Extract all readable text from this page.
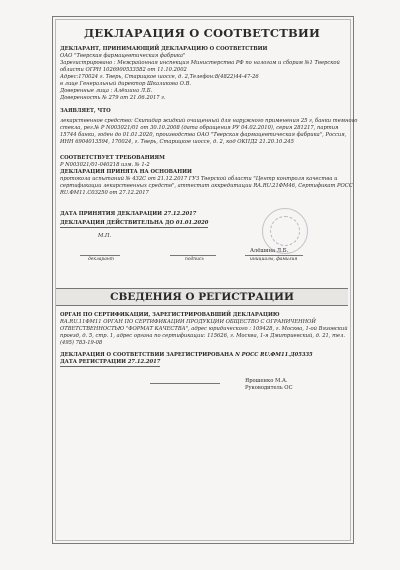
ДЕКЛАРАЦИЯ О СООТВЕТСТВИИ
ДЕКЛАРАНТ, ПРИНИМАЮЩИЙ ДЕКЛАРАЦИЮ О СООТВЕТСТВИИ
ОАО "Тверская фармацевтическая фабрика"
Зарегистрировано : Межрайонная инспекция Министерства РФ по налогам и сборам №1 Тверской
области ОГРН 1026900533582 от 11.10.2002
Адрес:170024 г. Тверь, Старицкое шоссе, д. 2,Телефон:8(4822)44-47-26
в лице Генеральный директор Шкаликова О.В.
Доверенные лица : Алёшина Л.Б.
Доверенность № 279 от 21.06.2017 г.
ЗАЯВЛЯЕТ, ЧТО
лекарственное средство: Скипидар жидкий очищенный для наружного применения 25 г, банки темного
стекла, рег.№ Р N003021/01 от 30.10.2008 (дата обращения РУ 04.02.2010), серия 281217, партия
15744 банки, годен до 01.01.2020, производства ОАО "Тверская фармацевтическая фабрика", Россия,
ИНН 6904013594, 170024, г. Тверь, Старицкое шоссе, д. 2, код ОКПД2 21.20.10.245
СООТВЕТСТВУЕТ ТРЕБОВАНИЯМ
Р N003021/01-040218 изм. № 1-2
ДЕКЛАРАЦИЯ ПРИНЯТА НА ОСНОВАНИИ
протокола испытаний № 432С от 21.12.2017 ГУЗ Тверской области "Центр контроля качества и
сертификации лекарственных средств", аттестат аккредитации RA.RU.21ФМ46, Сертификат РОСС
RU.ФМ11.С03250 от 27.12.2017
ДАТА ПРИНЯТИЯ ДЕКЛАРАЦИИ 27.12.2017
ДЕКЛАРАЦИЯ ДЕЙСТВИТЕЛЬНА ДО 01.01.2020
М.П.
декларант	подпись
Алёшина Л.Б.
инициалы, фамилия
СВЕДЕНИЯ О РЕГИСТРАЦИИ
ОРГАН ПО СЕРТИФИКАЦИИ, ЗАРЕГИСТРИРОВАВШИЙ ДЕКЛАРАЦИЮ
RA.RU.11ФМ11 ОРГАН ПО СЕРТИФИКАЦИИ ПРОДУКЦИИ ОБЩЕСТВО С ОГРАНИЧЕННОЙ
ОТВЕТСТВЕННОСТЬЮ "ФОРМАТ КАЧЕСТВА", адрес юридического : 109428, г. Москва, 1-ой Вязовский
проезд, д. 5, стр. 1, адрес органа по сертификации: 115626, г. Москва, 1-я Дмитриевский, д. 21, тел.
(495) 783-19-08
ДЕКЛАРАЦИЯ О СООТВЕТСТВИИ ЗАРЕГИСТРИРОВАНА N РОСС RU.ФМ11.Д05335
ДАТА РЕГИСТРАЦИИ 27.12.2017
Ярошенко М.А.
Руководитель ОС
